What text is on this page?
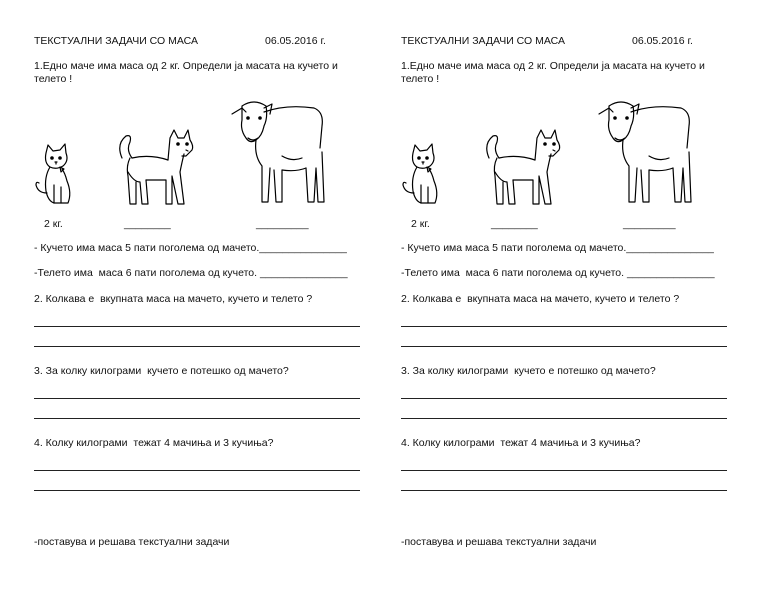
ТЕКСТУАЛНИ ЗАДАЧИ СО МАСА	06.05.2016 г.
1.Едно маче има маса од 2 кг. Определи ја масата на кучето и телето !
2 кг.	________	_________
- Кучето има маса 5 пати поголема од мачето._______________
-Телето има  маса 6 пати поголема од кучето. _______________
2. Колкава е  вкупната маса на мачето, кучето и телето ?
3. За колку килограми  кучето е потешко од мачето?
4. Колку килограми  тежат 4 мачиња и 3 кучиња?
-поставува и решава текстуални задачи
ТЕКСТУАЛНИ ЗАДАЧИ СО МАСА	06.05.2016 г.
1.Едно маче има маса од 2 кг. Определи ја масата на кучето и телето !
2 кг.	________	_________
- Кучето има маса 5 пати поголема од мачето._______________
-Телето има  маса 6 пати поголема од кучето. _______________
2. Колкава е  вкупната маса на мачето, кучето и телето ?
3. За колку килограми  кучето е потешко од мачето?
4. Колку килограми  тежат 4 мачиња и 3 кучиња?
-поставува и решава текстуални задачи
